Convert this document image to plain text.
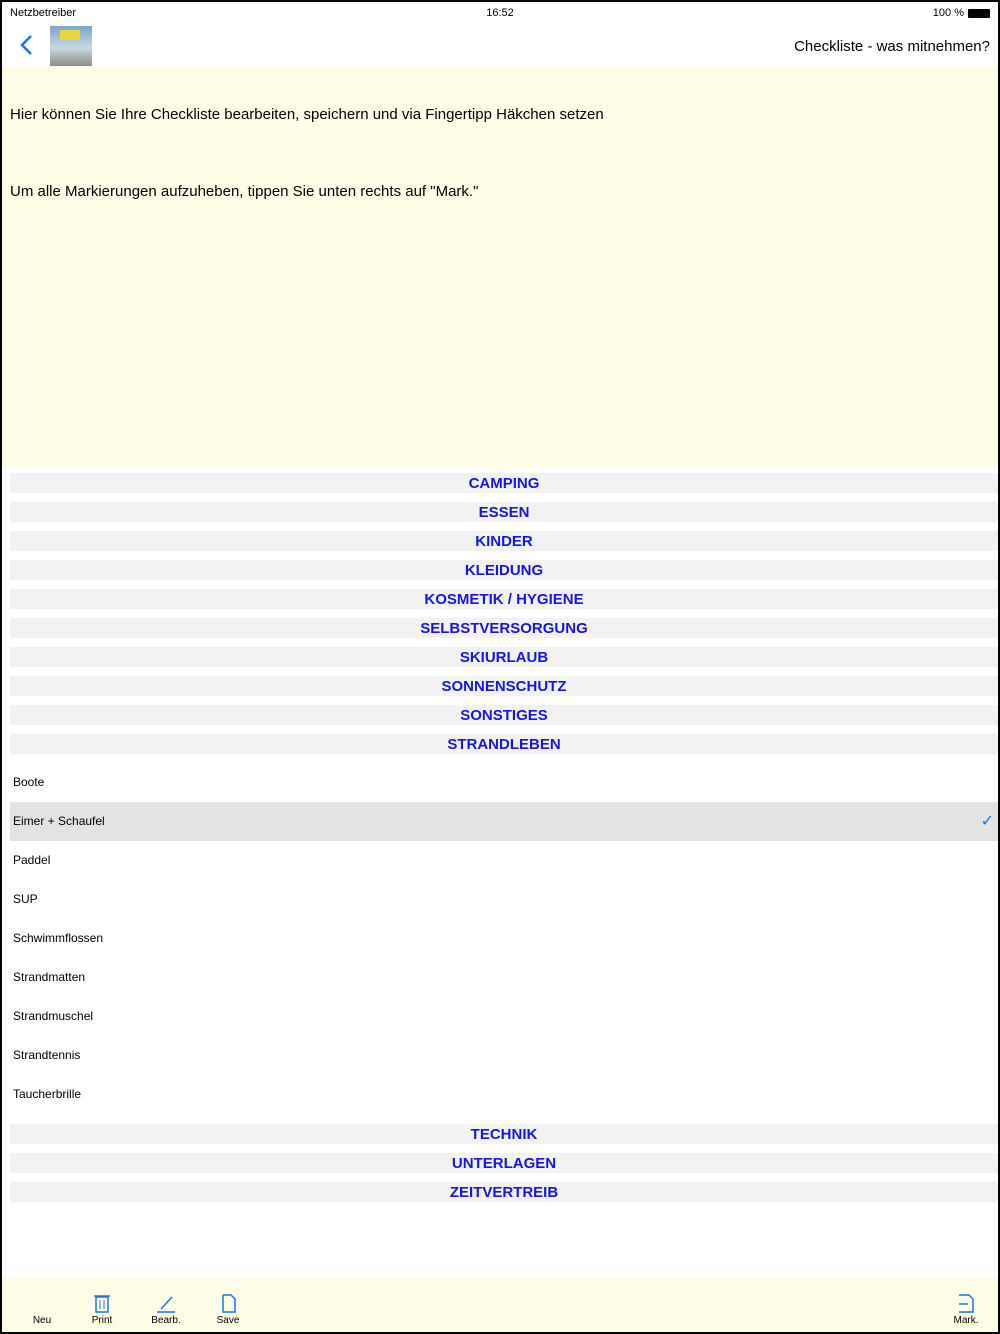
Netzbetreiber	16:52	100 %
Checkliste - was mitnehmen?

Hier können Sie Ihre Checkliste bearbeiten, speichern und via Fingertipp Häkchen setzen

Um alle Markierungen aufzuheben, tippen Sie unten rechts auf "Mark."

CAMPING
ESSEN
KINDER
KLEIDUNG
KOSMETIK / HYGIENE
SELBSTVERSORGUNG
SKIURLAUB
SONNENSCHUTZ
SONSTIGES
STRANDLEBEN
Boote
Eimer + Schaufel	✓
Paddel
SUP
Schwimmflossen
Strandmatten
Strandmuschel
Strandtennis
Taucherbrille
TECHNIK
UNTERLAGEN
ZEITVERTREIB
Neu	Print	Bearb.	Save	Mark.
